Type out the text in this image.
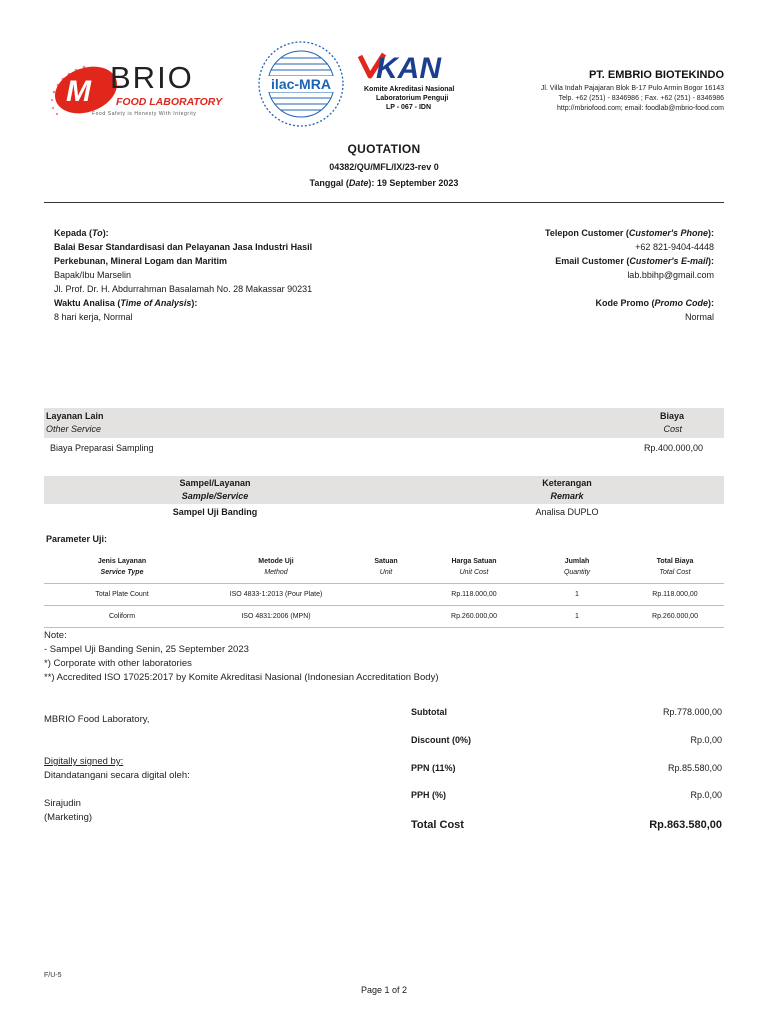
M BRIO
FOOD LABORATORY
Food Safety is Honesty With Integrity
ilac-MRA KAN
Komite Akreditasi Nasional
Laboratorium Penguji
LP - 067 - IDN
PT. EMBRIO BIOTEKINDO
Jl. Villa Indah Pajajaran Blok B-17 Pulo Armin Bogor 16143
Telp. +62 (251) - 8346986 ; Fax. +62 (251) - 8346986
http://mbriofood.com; email: foodlab@mbrio-food.com
QUOTATION
04382/QU/MFL/IX/23-rev 0
Tanggal (Date): 19 September 2023
Kepada (To):
Balai Besar Standardisasi dan Pelayanan Jasa Industri Hasil
Perkebunan, Mineral Logam dan Maritim
Bapak/Ibu Marselin
Jl. Prof. Dr. H. Abdurrahman Basalamah No. 28 Makassar 90231
Waktu Analisa (Time of Analysis):
8 hari kerja, Normal
Telepon Customer (Customer's Phone):
+62 821-9404-4448
Email Customer (Customer's E-mail):
lab.bbihp@gmail.com
Kode Promo (Promo Code):
Normal
Layanan Lain
Other Service
Biaya
Cost
Biaya Preparasi Sampling	Rp.400.000,00
Sampel/Layanan
Sample/Service
Keterangan
Remark
Sampel Uji Banding	Analisa DUPLO
Parameter Uji:
Jenis Layanan	Metode Uji	Satuan	Harga Satuan	Jumlah	Total Biaya
Service Type	Method	Unit	Unit Cost	Quantity	Total Cost
Total Plate Count	ISO 4833-1:2013 (Pour Plate)		Rp.118.000,00	1	Rp.118.000,00
Coliform	ISO 4831:2006 (MPN)		Rp.260.000,00	1	Rp.260.000,00
Note:
- Sampel Uji Banding Senin, 25 September 2023
*) Corporate with other laboratories
**) Accredited ISO 17025:2017 by Komite Akreditasi Nasional (Indonesian Accreditation Body)
MBRIO Food Laboratory,
Digitally signed by:
Ditandatangani secara digital oleh:
Sirajudin
(Marketing)
Subtotal	Rp.778.000,00
Discount (0%)	Rp.0,00
PPN (11%)	Rp.85.580,00
PPH (%)	Rp.0,00
Total Cost	Rp.863.580,00
F/U-5
Page 1 of 2
